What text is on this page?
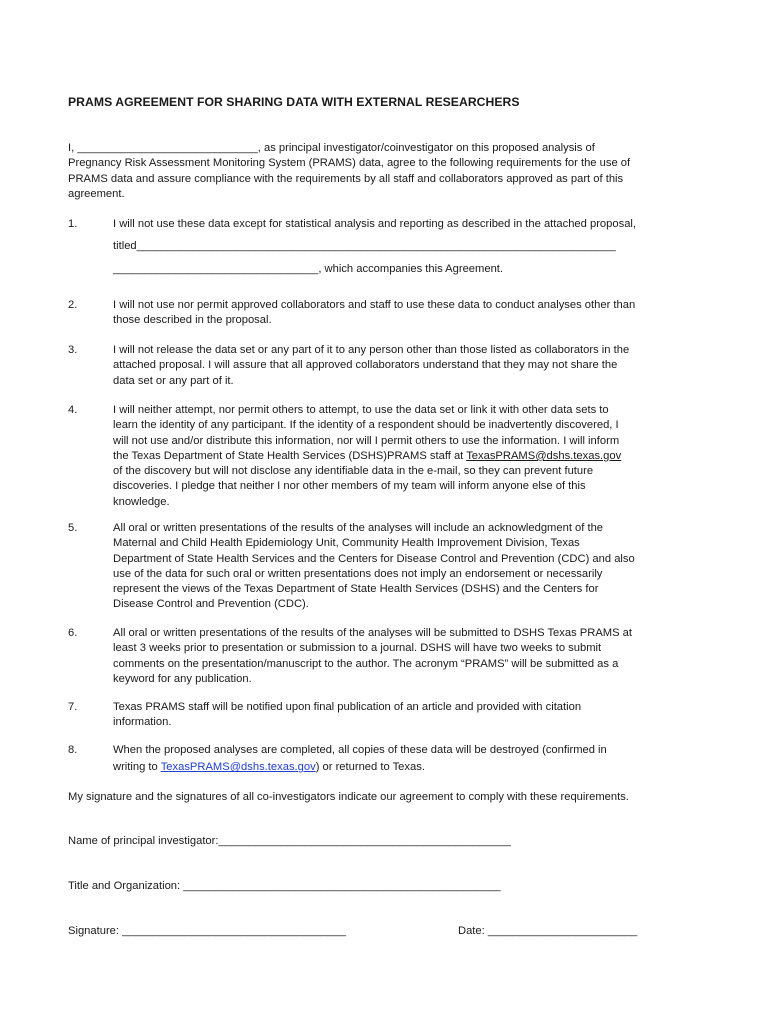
PRAMS AGREEMENT FOR SHARING DATA WITH EXTERNAL RESEARCHERS
I, _____________________________, as principal investigator/coinvestigator on this proposed analysis of
Pregnancy Risk Assessment Monitoring System (PRAMS) data, agree to the following requirements for the use of
PRAMS data and assure compliance with the requirements by all staff and collaborators approved as part of this
agreement.
1.	I will not use these data except for statistical analysis and reporting as described in the attached proposal,
titled_____________________________________________________________________________
_________________________________, which accompanies this Agreement.
2.	I will not use nor permit approved collaborators and staff to use these data to conduct analyses other than
those described in the proposal.
3.	I will not release the data set or any part of it to any person other than those listed as collaborators in the
attached proposal. I will assure that all approved collaborators understand that they may not share the
data set or any part of it.
4.	I will neither attempt, nor permit others to attempt, to use the data set or link it with other data sets to
learn the identity of any participant. If the identity of a respondent should be inadvertently discovered, I
will not use and/or distribute this information, nor will I permit others to use the information. I will inform
the Texas Department of State Health Services (DSHS)PRAMS staff at TexasPRAMS@dshs.texas.gov
of the discovery but will not disclose any identifiable data in the e-mail, so they can prevent future
discoveries. I pledge that neither I nor other members of my team will inform anyone else of this
knowledge.
5.	All oral or written presentations of the results of the analyses will include an acknowledgment of the
Maternal and Child Health Epidemiology Unit, Community Health Improvement Division, Texas
Department of State Health Services and the Centers for Disease Control and Prevention (CDC) and also
use of the data for such oral or written presentations does not imply an endorsement or necessarily
represent the views of the Texas Department of State Health Services (DSHS) and the Centers for
Disease Control and Prevention (CDC).
6.	All oral or written presentations of the results of the analyses will be submitted to DSHS Texas PRAMS at
least 3 weeks prior to presentation or submission to a journal. DSHS will have two weeks to submit
comments on the presentation/manuscript to the author. The acronym “PRAMS” will be submitted as a
keyword for any publication.
7.	Texas PRAMS staff will be notified upon final publication of an article and provided with citation
information.
8.	When the proposed analyses are completed, all copies of these data will be destroyed (confirmed in
writing to TexasPRAMS@dshs.texas.gov) or returned to Texas.
My signature and the signatures of all co-investigators indicate our agreement to comply with these requirements.
Name of principal investigator:_______________________________________________
Title and Organization: ___________________________________________________
Signature: ____________________________________	Date: ________________________
